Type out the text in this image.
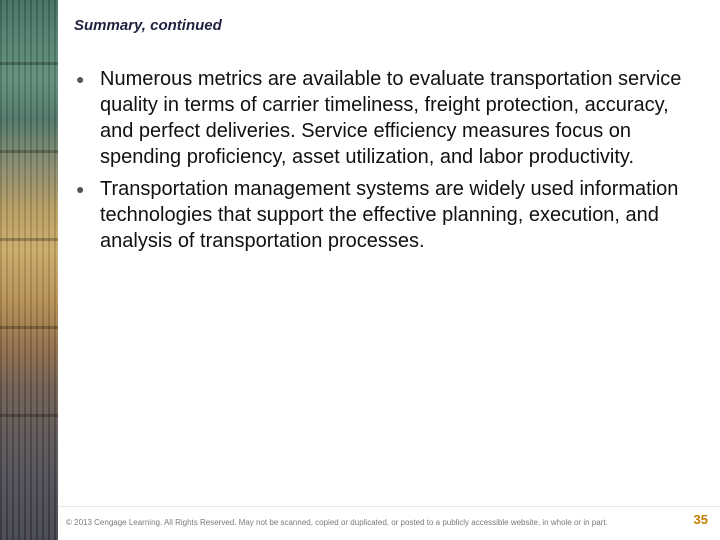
Summary, continued
● Numerous metrics are available to evaluate transportation service quality in terms of carrier timeliness, freight protection, accuracy, and perfect deliveries. Service efficiency measures focus on spending proficiency, asset utilization, and labor productivity.
● Transportation management systems are widely used information technologies that support the effective planning, execution, and analysis of transportation processes.
© 2013 Cengage Learning. All Rights Reserved. May not be scanned, copied or duplicated, or posted to a publicly accessible website, in whole or in part.	35
